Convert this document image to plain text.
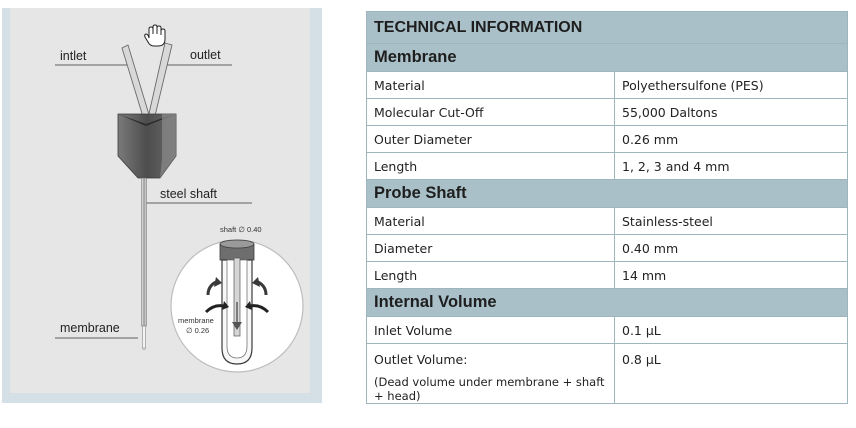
intlet	outlet
steel shaft
membrane
shaft ∅ 0.40
membrane
∅ 0.26
TECHNICAL INFORMATION	
Membrane	
Material	Polyethersulfone (PES)
Molecular Cut-Off	55,000 Daltons
Outer Diameter	0.26 mm
Length	1, 2, 3 and 4 mm
Probe Shaft	
Material	Stainless-steel
Diameter	0.40 mm
Length	14 mm
Internal Volume	
Inlet Volume	0.1 µL
Outlet Volume:
(Dead volume under membrane + shaft + head)	0.8 µL
